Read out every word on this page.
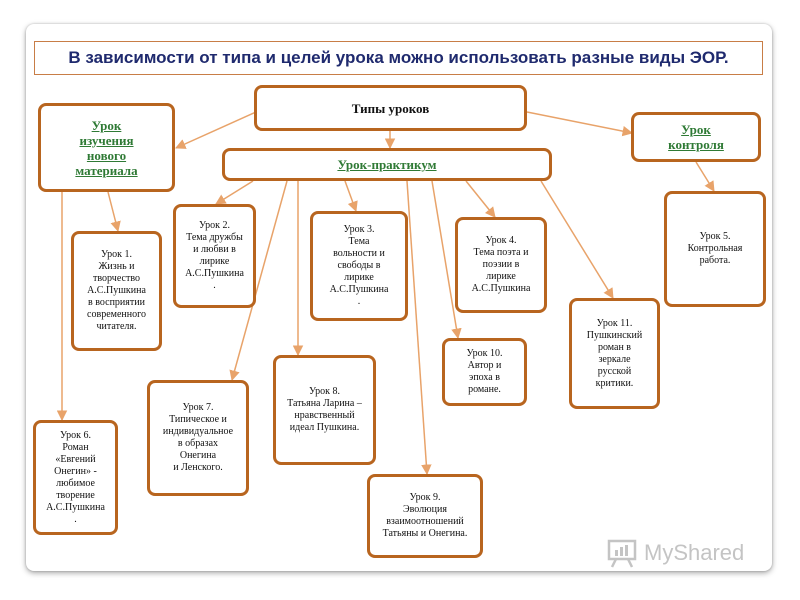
В зависимости от типа и целей урока можно использовать разные виды ЭОР.
Типы уроков
Урок
изучения
нового
материала	Урок-практикум
Урок
контроля
Урок 1.
Жизнь и
творчество
А.С.Пушкина
в восприятии
современного
читателя.
Урок 2.
Тема дружбы
и любви в
лирике
А.С.Пушкина
.
Урок 3.
Тема
вольности и
свободы в
лирике
А.С.Пушкина
.
Урок 4.
Тема поэта и
поэзии в
лирике
А.С.Пушкина
Урок 5.
Контрольная
работа.
Урок 6.
Роман
«Евгений
Онегин» -
любимое
творение
А.С.Пушкина
.
Урок 7.
Типическое и
индивидуальное
в образах
Онегина
и Ленского.
Урок 8.
Татьяна Ларина –
нравственный
идеал Пушкина.
Урок 9.
Эволюция
взаимоотношений
Татьяны и Онегина.
Урок 10.
Автор и
эпоха в
романе.
Урок 11.
Пушкинский
роман в
зеркале
русской
критики.
MyShared
